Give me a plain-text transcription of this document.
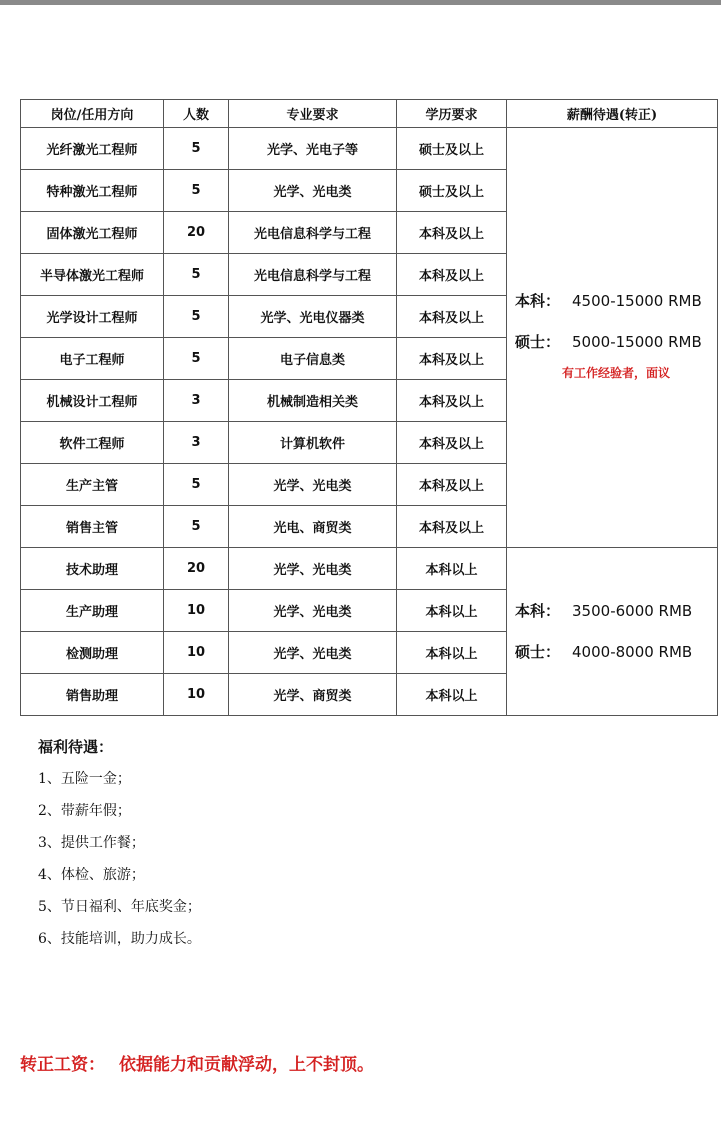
岗位/任用方向	人数	专业要求	学历要求	薪酬待遇(转正)
光纤激光工程师	5	光学、光电子等	硕士及以上	本科： 4500-15000 RMB
硕士： 5000-15000 RMB
有工作经验者，面议

特种激光工程师	5	光学、光电类	硕士及以上	
固体激光工程师	20	光电信息科学与工程	本科及以上	
半导体激光工程师	5	光电信息科学与工程	本科及以上	
光学设计工程师	5	光学、光电仪器类	本科及以上	
电子工程师	5	电子信息类	本科及以上	
机械设计工程师	3	机械制造相关类	本科及以上	
软件工程师	3	计算机软件	本科及以上	
生产主管	5	光学、光电类	本科及以上	
销售主管	5	光电、商贸类	本科及以上	
技术助理	20	光学、光电类	本科以上	本科： 3500-6000 RMB
硕士： 4000-8000 RMB

生产助理	10	光学、光电类	本科以上	
检测助理	10	光学、光电类	本科以上	
销售助理	10	光学、商贸类	本科以上	
福利待遇：
1、五险一金；
2、带薪年假；
3、提供工作餐；
4、体检、旅游；
5、节日福利、年底奖金；
6、技能培训，助力成长。
转正工资： 依据能力和贡献浮动，上不封顶。
